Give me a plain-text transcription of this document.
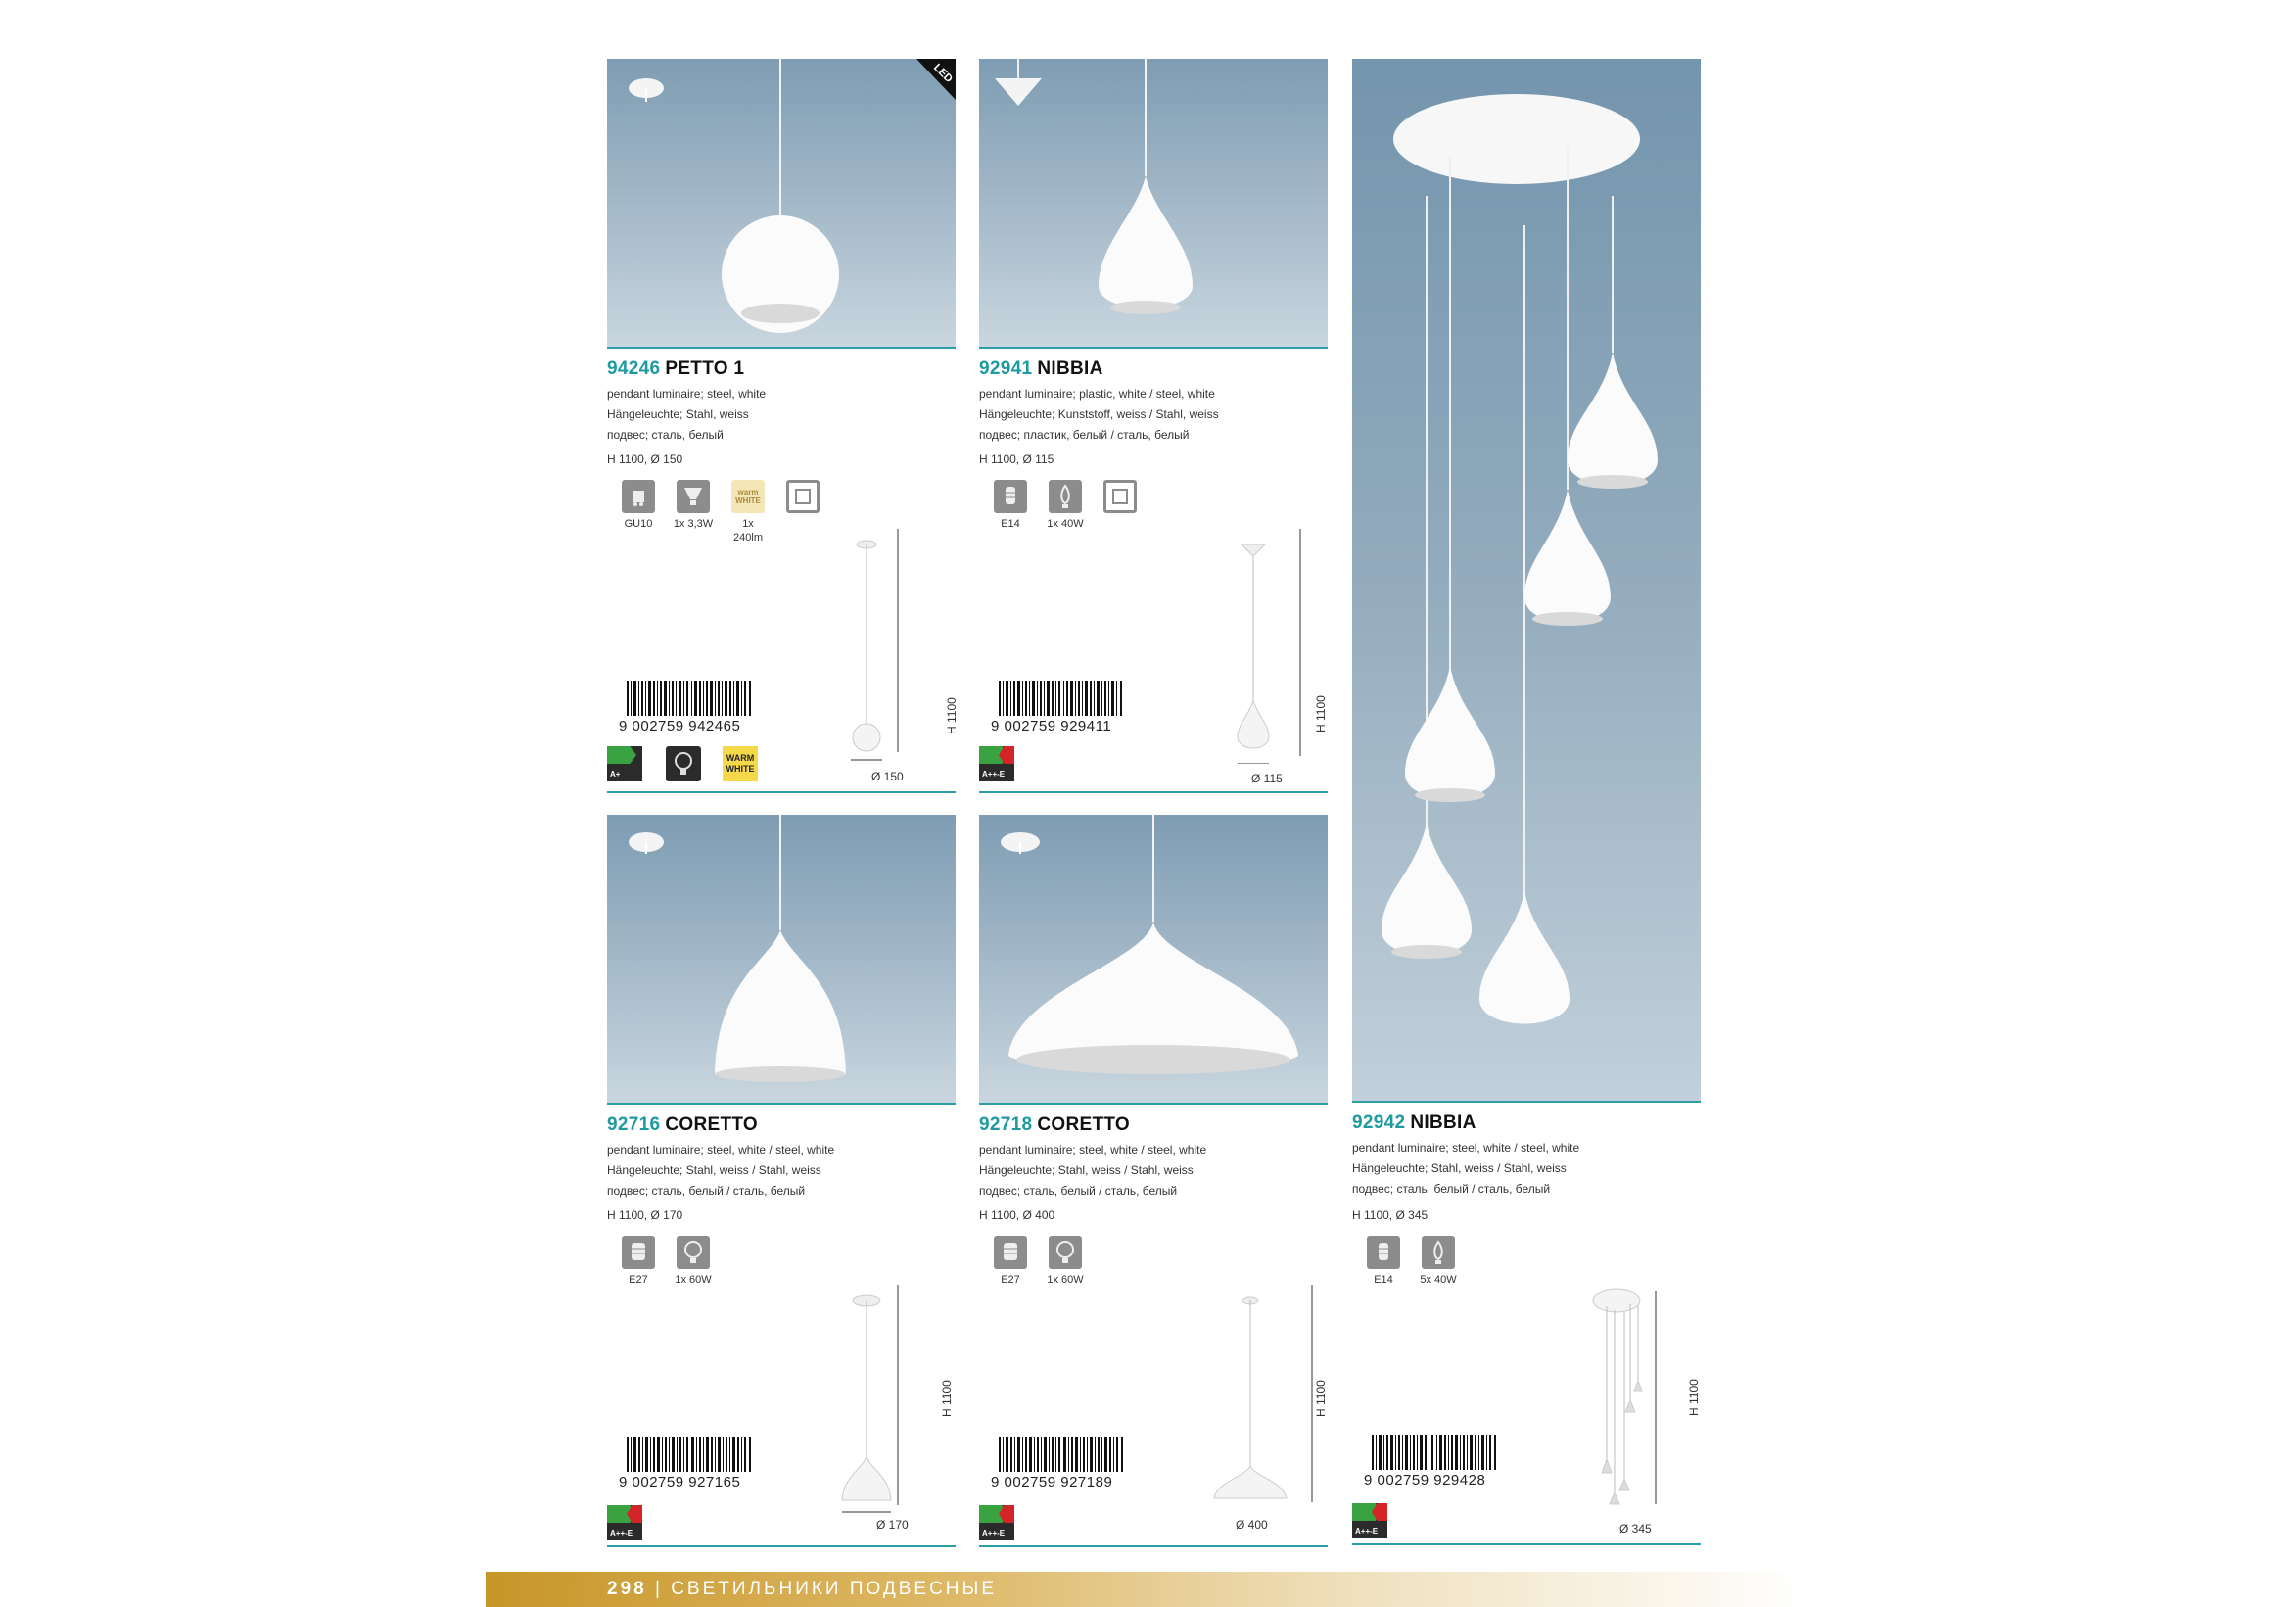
LED
94246 PETTO 1
pendant luminaire; steel, white
Hängeleuchte; Stahl, weiss
подвес; сталь, белый
H 1100, Ø 150
GU10	1x 3,3W
warm WHITE
1x 240lm
H 1100
Ø 150
9 002759 942465
A+
WARM WHITE
92941 NIBBIA
pendant luminaire; plastic, white / steel, white
Hängeleuchte; Kunststoff, weiss / Stahl, weiss
подвес; пластик, белый / сталь, белый
H 1100, Ø 115
E14	1x 40W
H 1100
Ø 115
9 002759 929411
A++-E
92716 CORETTO
pendant luminaire; steel, white / steel, white
Hängeleuchte; Stahl, weiss / Stahl, weiss
подвес; сталь, белый / сталь, белый
H 1100, Ø 170
E27	1x 60W
H 1100
Ø 170
9 002759 927165
A++-E
92718 CORETTO
pendant luminaire; steel, white / steel, white
Hängeleuchte; Stahl, weiss / Stahl, weiss
подвес; сталь, белый / сталь, белый
H 1100, Ø 400
E27	1x 60W
H 1100
Ø 400
9 002759 927189
A++-E
92942 NIBBIA
pendant luminaire; steel, white / steel, white
Hängeleuchte; Stahl, weiss / Stahl, weiss
подвес; сталь, белый / сталь, белый
H 1100, Ø 345
E14	5x 40W
H 1100
Ø 345
9 002759 929428
A++-E
298 | СВЕТИЛЬНИКИ ПОДВЕСНЫЕ
